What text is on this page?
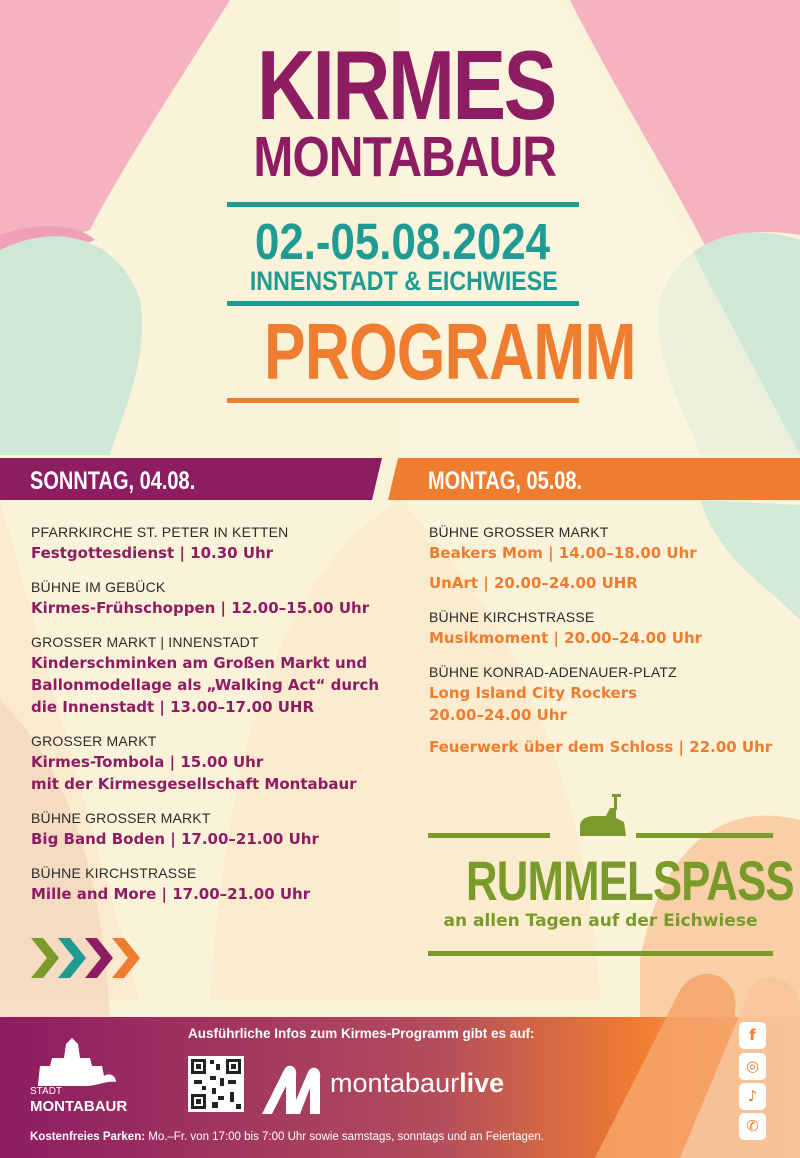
KIRMES
MONTABAUR
02.-05.08.2024
INNENSTADT & EICHWIESE
PROGRAMM
SONNTAG, 04.08.	MONTAG, 05.08.
PFARRKIRCHE ST. PETER IN KETTEN
Festgottesdienst | 10.30 Uhr
BÜHNE IM GEBÜCK
Kirmes-Frühschoppen | 12.00–15.00 Uhr
GROSSER MARKT | INNENSTADT
Kinderschminken am Großen Markt und
Ballonmodellage als „Walking Act“ durch
die Innenstadt | 13.00–17.00 UHR
GROSSER MARKT
Kirmes-Tombola | 15.00 Uhr
mit der Kirmesgesellschaft Montabaur
BÜHNE GROSSER MARKT
Big Band Boden | 17.00–21.00 Uhr
BÜHNE KIRCHSTRASSE
Mille and More | 17.00–21.00 Uhr
BÜHNE GROSSER MARKT
Beakers Mom | 14.00–18.00 Uhr
UnArt | 20.00–24.00 UHR
BÜHNE KIRCHSTRASSE
Musikmoment | 20.00–24.00 Uhr
BÜHNE KONRAD-ADENAUER-PLATZ
Long Island City Rockers
20.00–24.00 Uhr
Feuerwerk über dem Schloss | 22.00 Uhr
RUMMELSPASS
an allen Tagen auf der Eichwiese
Ausführliche Infos zum Kirmes-Programm gibt es auf:
STADT
MONTABAUR
montabaurlive
f
◎
♪
✆
Kostenfreies Parken: Mo.–Fr. von 17:00 bis 7:00 Uhr sowie samstags, sonntags und an Feiertagen.
